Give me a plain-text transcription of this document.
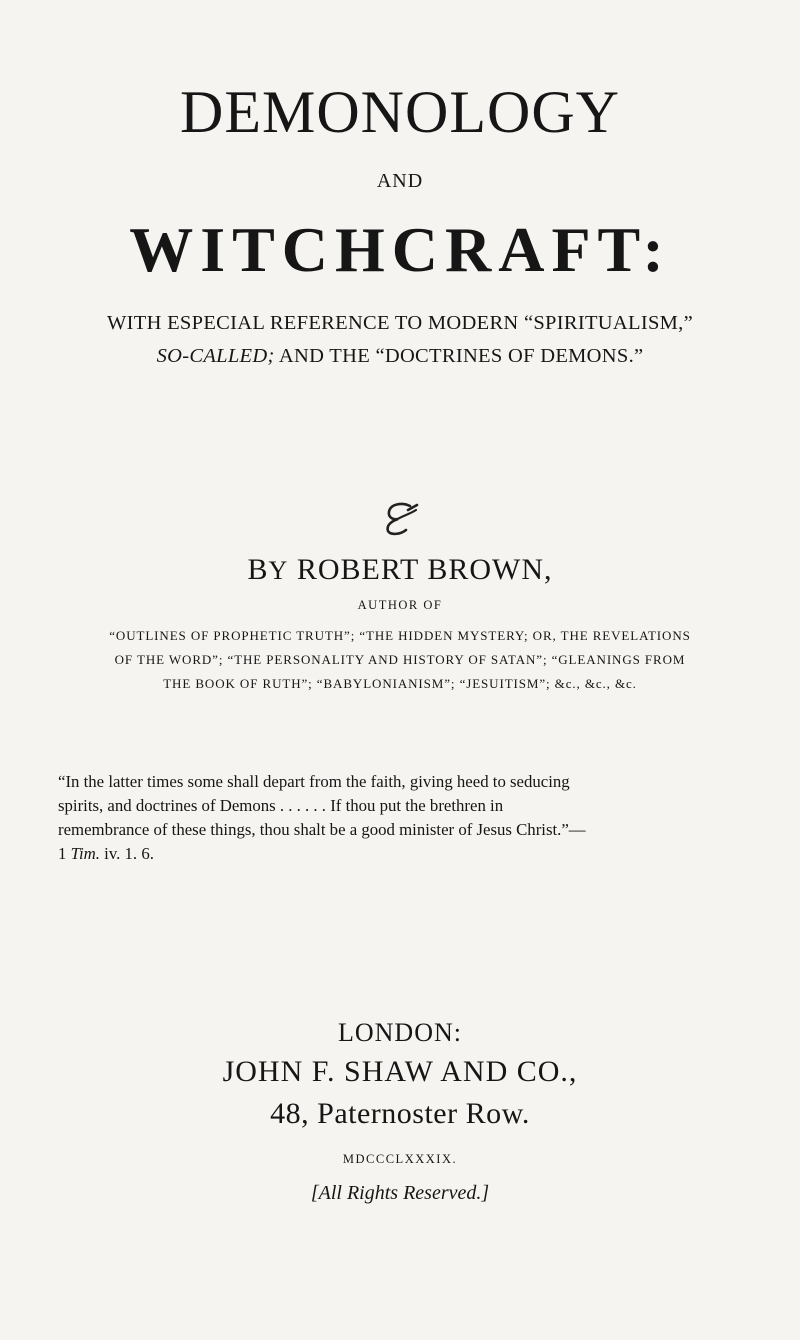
DEMONOLOGY
AND
WITCHCRAFT:
WITH ESPECIAL REFERENCE TO MODERN “SPIRITUALISM,”
SO-CALLED; AND THE “DOCTRINES OF DEMONS.”
BY ROBERT BROWN,
AUTHOR OF
“OUTLINES OF PROPHETIC TRUTH”; “THE HIDDEN MYSTERY; OR, THE REVELATIONS
OF THE WORD”; “THE PERSONALITY AND HISTORY OF SATAN”; “GLEANINGS FROM
THE BOOK OF RUTH”; “BABYLONIANISM”; “JESUITISM”; &c., &c., &c.
“In the latter times some shall depart from the faith, giving heed to seducing
spirits, and doctrines of Demons . . . . . . If thou put the brethren in
remembrance of these things, thou shalt be a good minister of Jesus Christ.”—
1 Tim. iv. 1. 6.
LONDON:
JOHN F. SHAW AND CO.,
48, Paternoster Row.
MDCCCLXXXIX.
[All Rights Reserved.]
